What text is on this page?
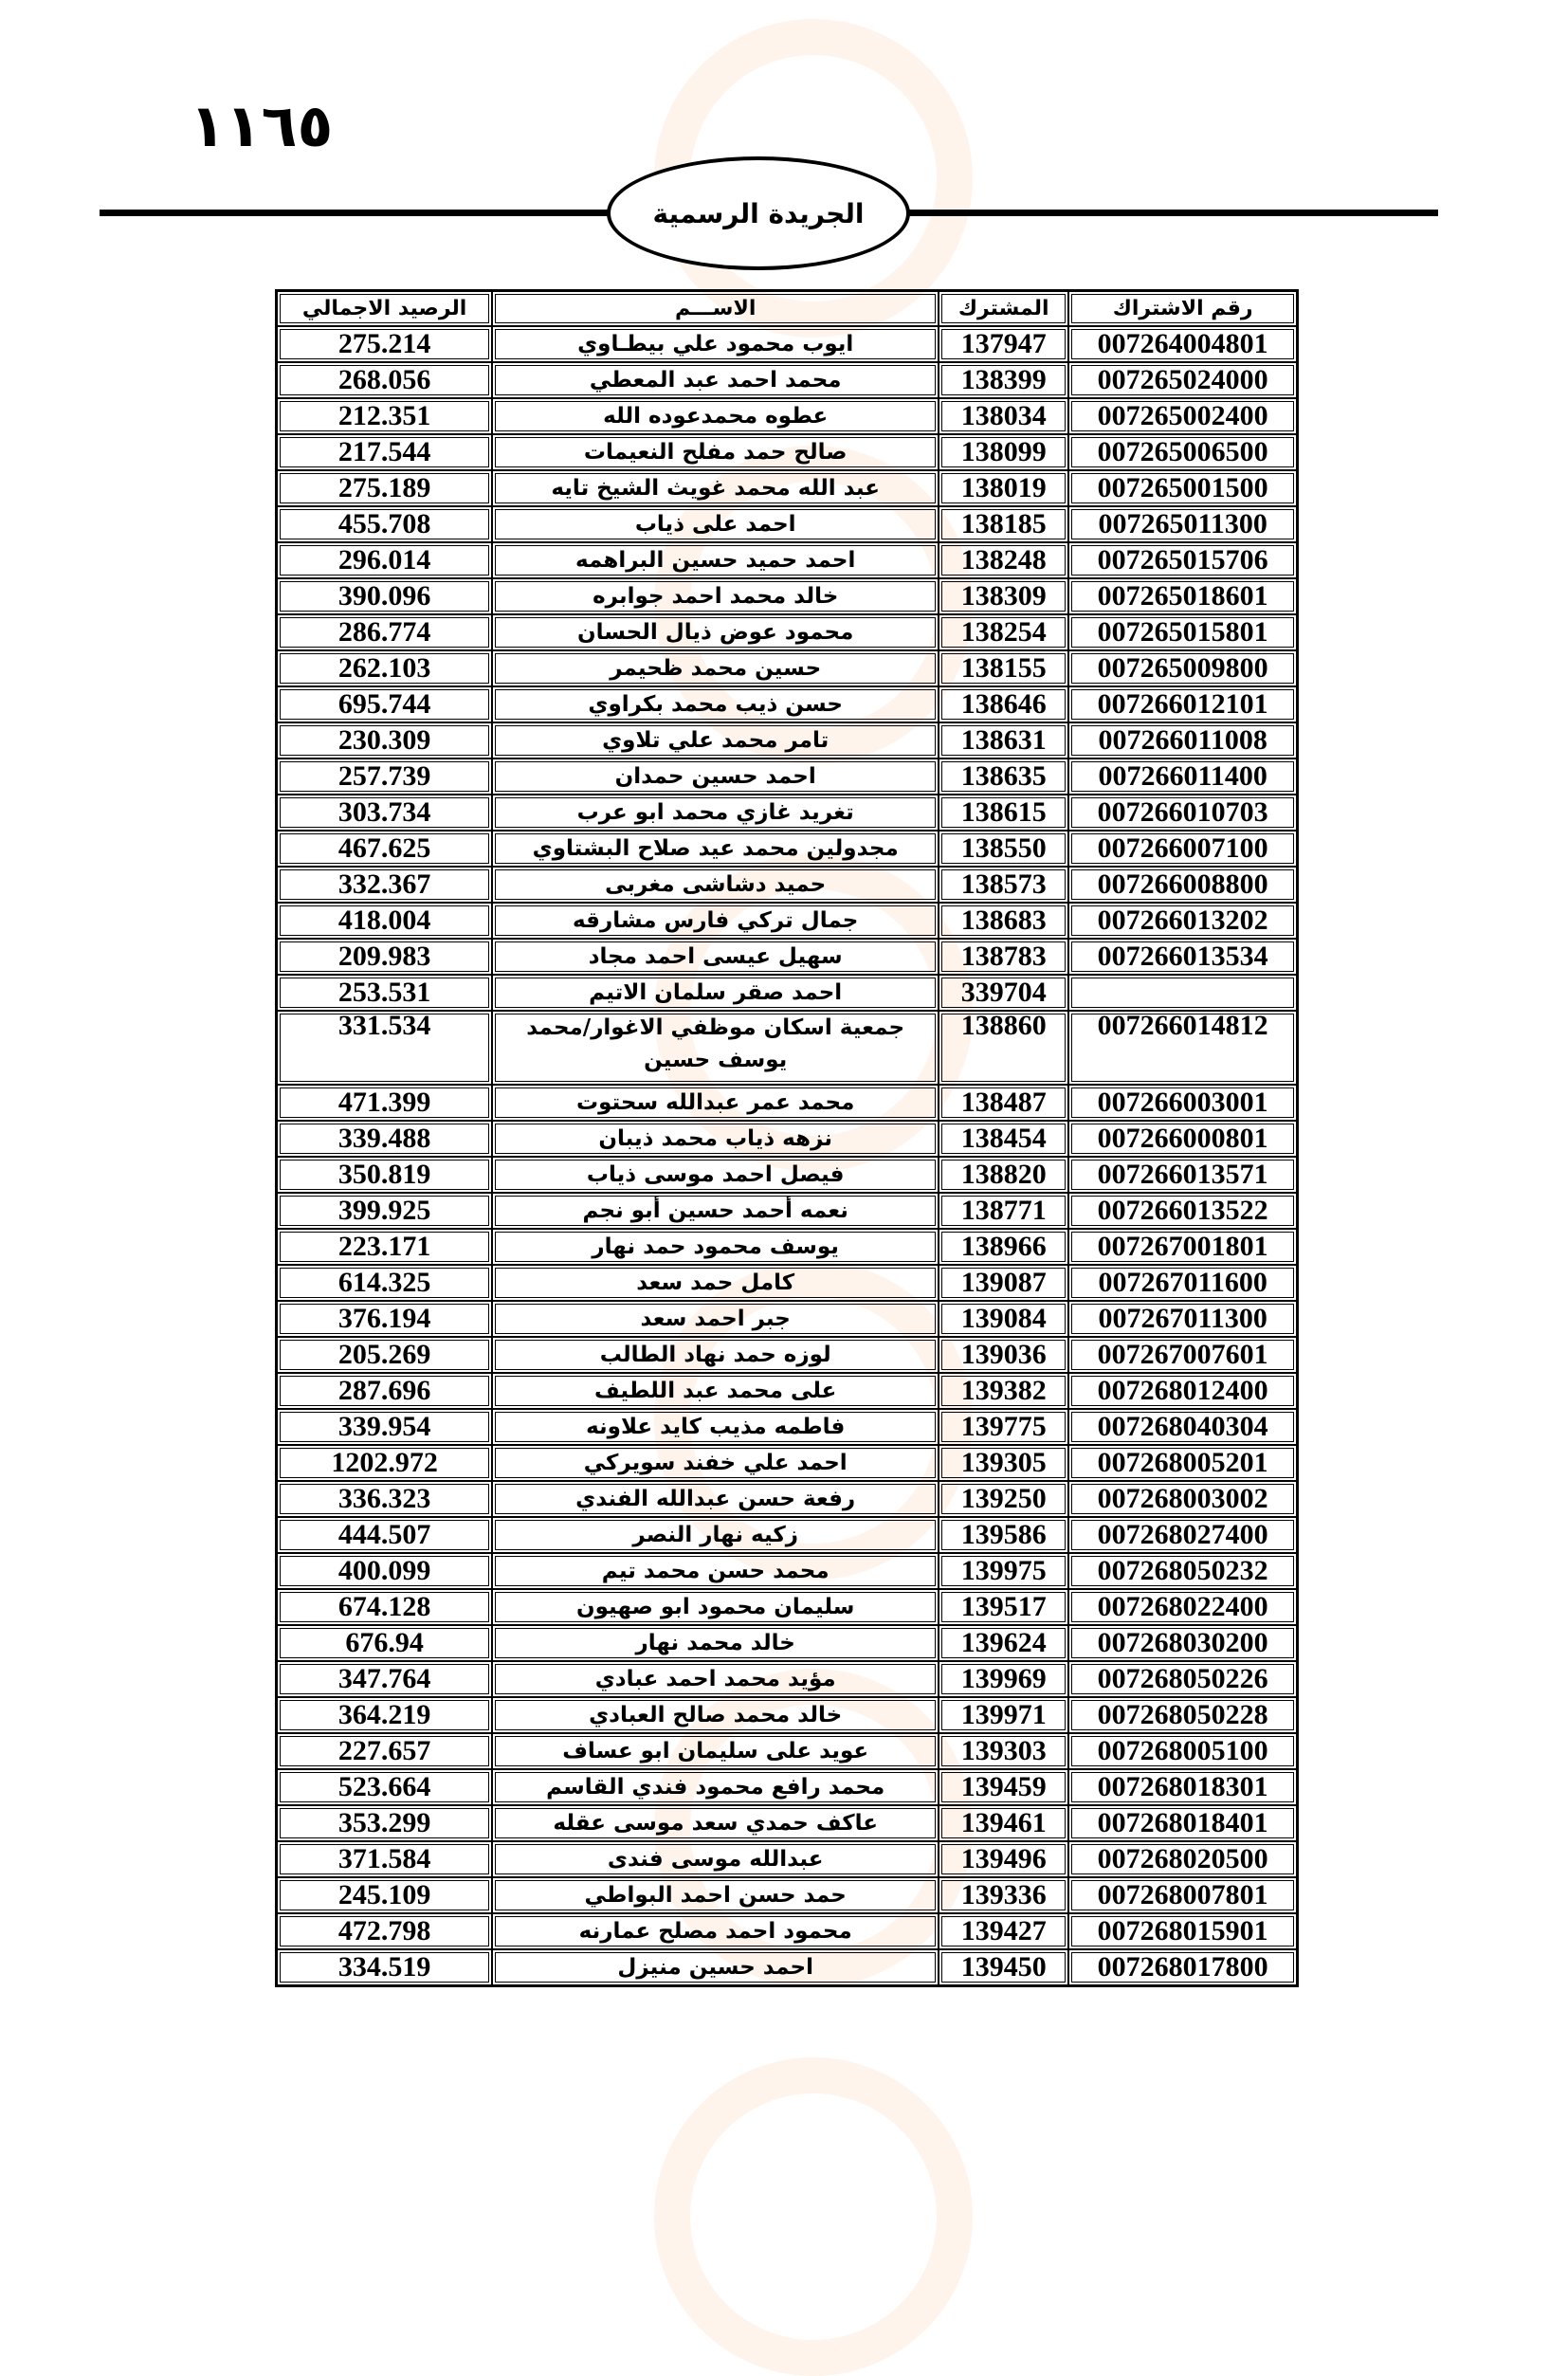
١١٦٥
الجريدة الرسمية
الرصيد الاجمالي	الاســـم	المشترك	رقم الاشتراك
275.214	ايوب محمود علي بيطـاوي	137947	007264004801
268.056	محمد احمد عبد المعطي	138399	007265024000
212.351	عطوه محمدعوده الله	138034	007265002400
217.544	صالح حمد مفلح النعيمات	138099	007265006500
275.189	عبد الله محمد غويث الشيخ تايه	138019	007265001500
455.708	احمد على ذياب	138185	007265011300
296.014	احمد حميد حسين البراهمه	138248	007265015706
390.096	خالد محمد احمد جوابره	138309	007265018601
286.774	محمود عوض ذيال الحسان	138254	007265015801
262.103	حسين محمد ظحيمر	138155	007265009800
695.744	حسن ذيب محمد بكراوي	138646	007266012101
230.309	تامر محمد علي تلاوي	138631	007266011008
257.739	احمد حسين حمدان	138635	007266011400
303.734	تغريد غازي محمد ابو عرب	138615	007266010703
467.625	مجدولين محمد عيد صلاح البشتاوي	138550	007266007100
332.367	حميد دشاشى مغربى	138573	007266008800
418.004	جمال تركي فارس مشارقه	138683	007266013202
209.983	سهيل عيسى احمد مجاد	138783	007266013534
253.531	احمد صقر سلمان الاتيم	339704	
331.534	جمعية اسكان موظفي الاغوار/محمد يوسف حسين	138860	007266014812
471.399	محمد عمر عبدالله سحتوت	138487	007266003001
339.488	نزهه ذياب محمد ذيبان	138454	007266000801
350.819	فيصل احمد موسى ذياب	138820	007266013571
399.925	نعمه أحمد حسين أبو نجم	138771	007266013522
223.171	يوسف محمود حمد نهار	138966	007267001801
614.325	كامل حمد سعد	139087	007267011600
376.194	جبر احمد سعد	139084	007267011300
205.269	لوزه حمد نهاد الطالب	139036	007267007601
287.696	على محمد عبد اللطيف	139382	007268012400
339.954	فاطمه مذيب كايد علاونه	139775	007268040304
1202.972	احمد علي خفند سويركي	139305	007268005201
336.323	رفعة حسن عبدالله الفندي	139250	007268003002
444.507	زكيه نهار النصر	139586	007268027400
400.099	محمد حسن محمد تيم	139975	007268050232
674.128	سليمان محمود ابو صهيون	139517	007268022400
676.94	خالد محمد نهار	139624	007268030200
347.764	مؤيد محمد احمد عبادي	139969	007268050226
364.219	خالد محمد صالح العبادي	139971	007268050228
227.657	عويد على سليمان ابو عساف	139303	007268005100
523.664	محمد رافع محمود فندي القاسم	139459	007268018301
353.299	عاكف حمدي سعد موسى عقله	139461	007268018401
371.584	عبدالله موسى فندى	139496	007268020500
245.109	حمد حسن احمد البواطي	139336	007268007801
472.798	محمود احمد مصلح عمارنه	139427	007268015901
334.519	احمد حسين منيزل	139450	007268017800
